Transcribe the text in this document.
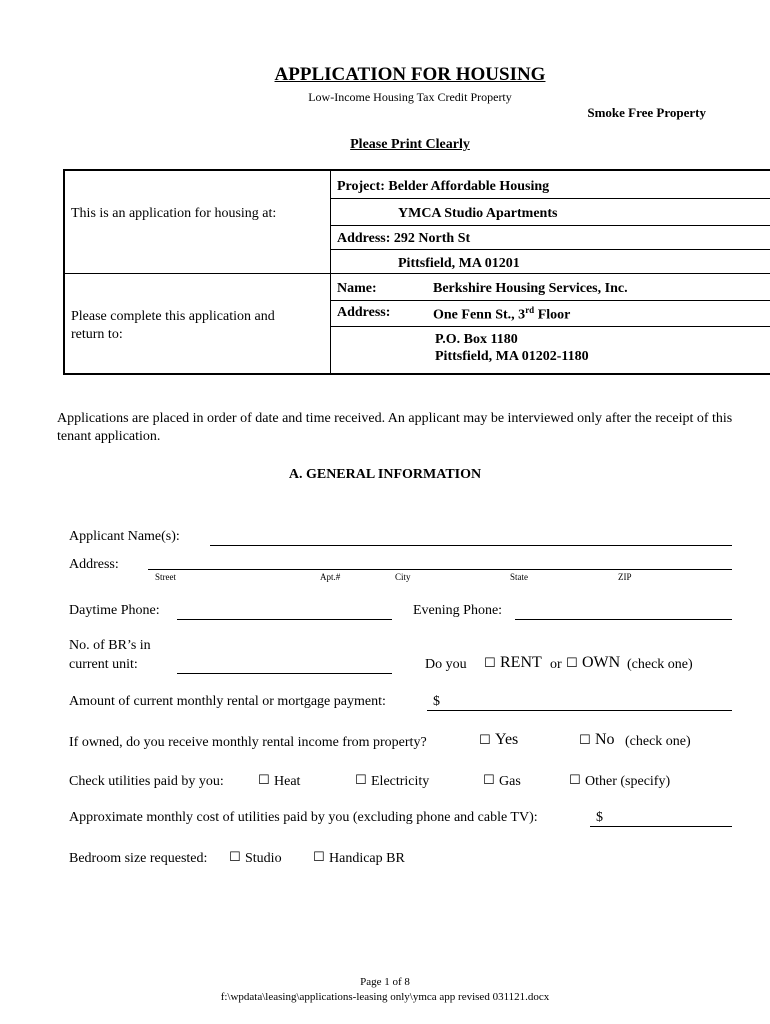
APPLICATION FOR HOUSING
Low-Income Housing Tax Credit Property
Smoke Free Property
Please Print Clearly
This is an application for housing at:
Project: Belder Affordable Housing
YMCA Studio Apartments
Address: 292 North St
Pittsfield, MA 01201
Please complete this application and return to:
Name:	Berkshire Housing Services, Inc.
Address:	One Fenn St., 3rd Floor
P.O. Box 1180
Pittsfield, MA 01202-1180
Applications are placed in order of date and time received. An applicant may be interviewed only after the receipt of this tenant application.
A. GENERAL INFORMATION
Applicant Name(s):
Address:
Street	Apt.#	City	State	ZIP
Daytime Phone:	Evening Phone:
No. of BR’s in
current unit:	Do you ☐ RENT or ☐ OWN (check one)
Amount of current monthly rental or mortgage payment:	$
If owned, do you receive monthly rental income from property?	☐ Yes	☐ No (check one)
Check utilities paid by you:	☐ Heat	☐ Electricity	☐ Gas	☐ Other (specify)
Approximate monthly cost of utilities paid by you (excluding phone and cable TV):	$
Bedroom size requested: ☐ Studio ☐ Handicap BR
Page 1 of 8
f:\wpdata\leasing\applications-leasing only\ymca app revised 031121.docx
